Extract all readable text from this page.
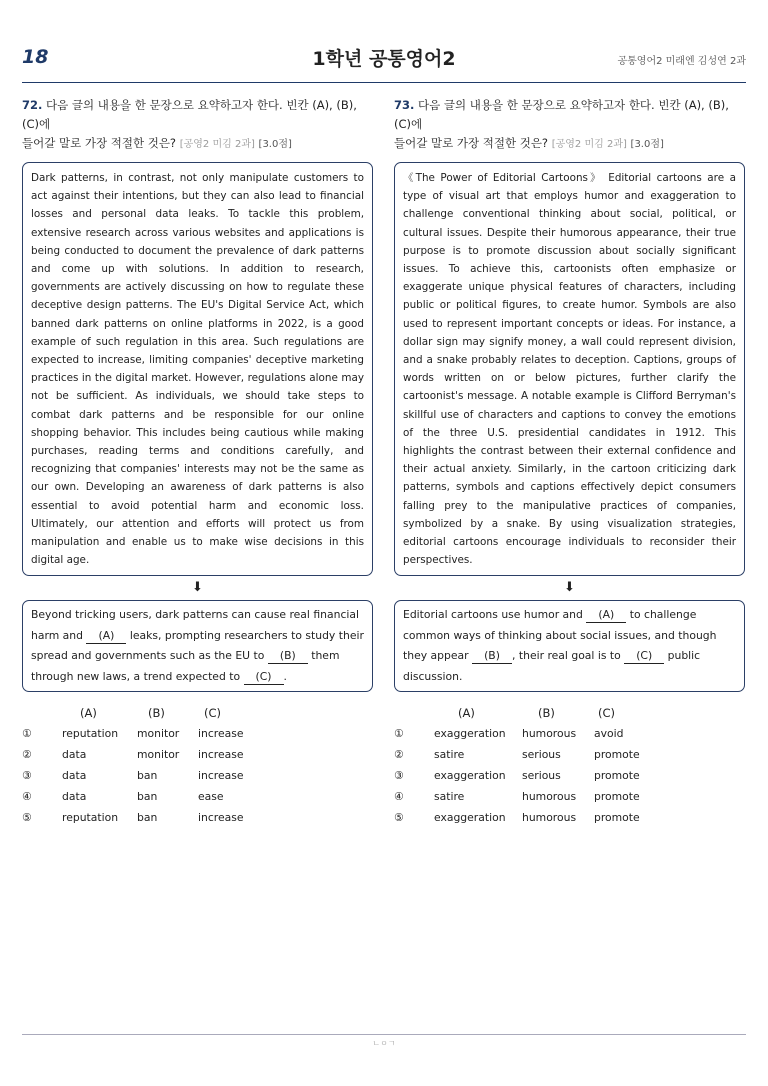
18	1학년 공통영어2	공통영어2 미래엔 김성연 2과

72. 다음 글의 내용을 한 문장으로 요약하고자 한다. 빈칸 (A), (B), (C)에
들어갈 말로 가장 적절한 것은? [공영2 미김 2과] [3.0점]

Dark patterns, in contrast, not only manipulate customers to act against their intentions, but they can also lead to financial losses and personal data leaks. To tackle this problem, extensive research across various websites and applications is being conducted to document the prevalence of dark patterns and come up with solutions. In addition to research, governments are actively discussing on how to regulate these deceptive design patterns. The EU's Digital Service Act, which banned dark patterns on online platforms in 2022, is a good example of such regulation in this area. Such regulations are expected to increase, limiting companies' deceptive marketing practices in the digital market. However, regulations alone may not be sufficient. As individuals, we should take steps to combat dark patterns and be responsible for our online shopping behavior. This includes being cautious while making purchases, reading terms and conditions carefully, and recognizing that companies' interests may not be the same as our own. Developing an awareness of dark patterns is also essential to avoid potential harm and economic loss. Ultimately, our attention and efforts will protect us from manipulation and enable us to make wise decisions in this digital age.
⬇
Beyond tricking users, dark patterns can cause real financial harm and (A) leaks, prompting researchers to study their spread and governments such as the EU to (B) them through new laws, a trend expected to (C) .
(A)	(B)	(C)
①	reputation	monitor	increase
②	data	monitor	increase
③	data	ban	increase
④	data	ban	ease
⑤	reputation	ban	increase

73. 다음 글의 내용을 한 문장으로 요약하고자 한다. 빈칸 (A), (B), (C)에
들어갈 말로 가장 적절한 것은? [공영2 미김 2과] [3.0점]

《The Power of Editorial Cartoons》 Editorial cartoons are a type of visual art that employs humor and exaggeration to challenge conventional thinking about social, political, or cultural issues. Despite their humorous appearance, their true purpose is to promote discussion about socially significant issues. To achieve this, cartoonists often emphasize or exaggerate unique physical features of characters, including public or political figures, to create humor. Symbols are also used to represent important concepts or ideas. For instance, a dollar sign may signify money, a wall could represent division, and a snake probably relates to deception. Captions, groups of words written on or below pictures, further clarify the cartoonist's message. A notable example is Clifford Berryman's skillful use of characters and captions to convey the emotions of the three U.S. presidential candidates in 1912. This highlights the contrast between their external confidence and their actual anxiety. Similarly, in the cartoon criticizing dark patterns, symbols and captions effectively depict consumers falling prey to the manipulative practices of companies, symbolized by a snake. By using visualization strategies, editorial cartoons encourage individuals to reconsider their perspectives.
⬇
Editorial cartoons use humor and (A) to challenge common ways of thinking about social issues, and though they appear (B) , their real goal is to (C) public discussion.
(A)	(B)	(C)
①	exaggeration	humorous	avoid
②	satire	serious	promote
③	exaggeration	serious	promote
④	satire	humorous	promote
⑤	exaggeration	humorous	promote
ㄴㅇㄱ
